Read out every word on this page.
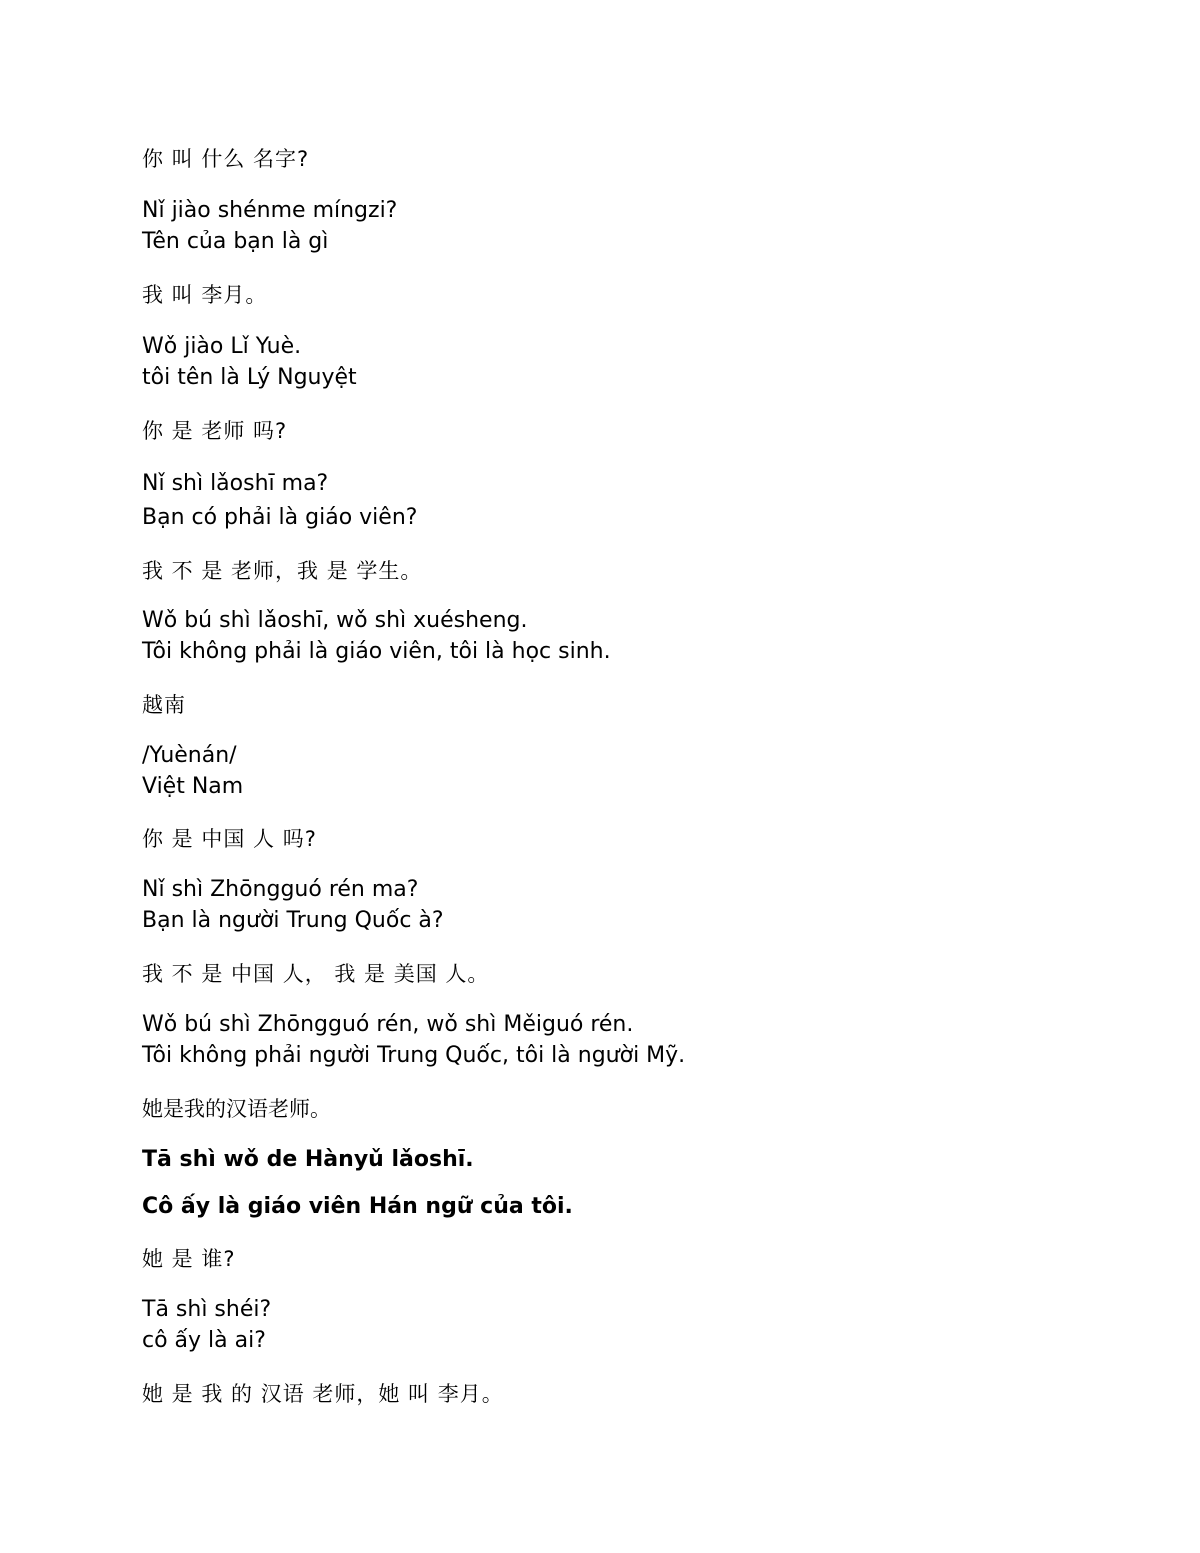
你 叫 什么 名字?
Nǐ jiào shénme míngzi?
Tên của bạn là gì
我 叫 李月。
Wǒ jiào Lǐ Yuè.
tôi tên là Lý Nguyệt
你 是 老师 吗?
Nǐ shì lǎoshī ma?
Bạn có phải là giáo viên?
我 不 是 老师，我 是 学生。
Wǒ bú shì lǎoshī, wǒ shì xuésheng.
Tôi không phải là giáo viên, tôi là học sinh.
越南
/Yuènán/
Việt Nam
你 是 中国 人 吗?
Nǐ shì Zhōngguó rén ma?
Bạn là người Trung Quốc à?
我 不 是 中国 人， 我 是 美国 人。
Wǒ bú shì Zhōngguó rén, wǒ shì Měiguó rén.
Tôi không phải người Trung Quốc, tôi là người Mỹ.
她是我的汉语老师。
Tā shì wǒ de Hànyǔ lǎoshī.
Cô ấy là giáo viên Hán ngữ của tôi.
她 是 谁?
Tā shì shéi?
cô ấy là ai?
她 是 我 的 汉语 老师，她 叫 李月。
